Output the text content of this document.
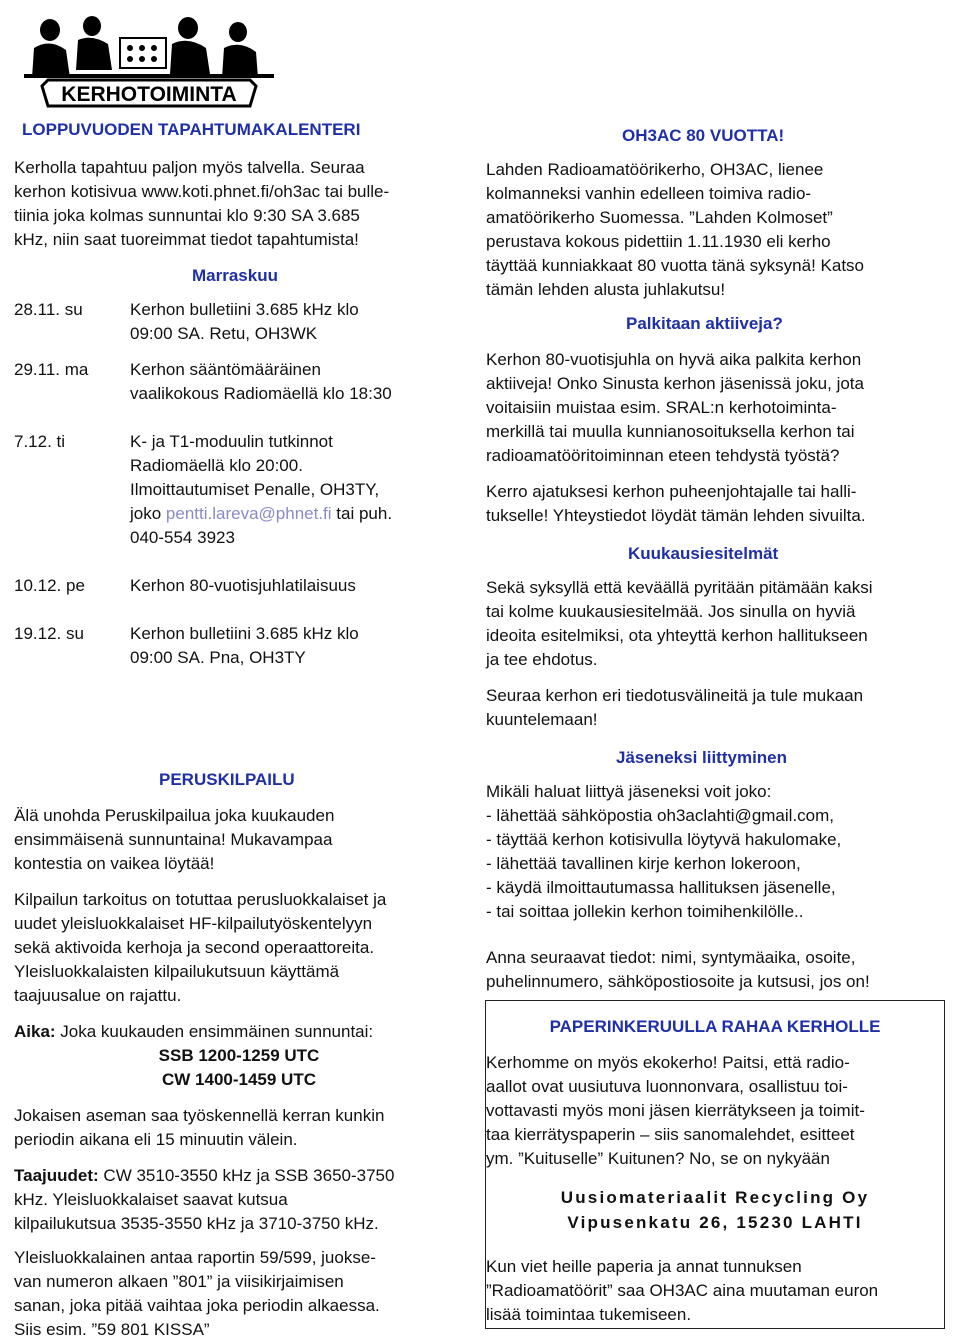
KERHOTOIMINTA
LOPPUVUODEN TAPAHTUMAKALENTERI

Kerholla tapahtuu paljon myös talvella. Seuraa

kerhon kotisivua www.koti.phnet.fi/oh3ac tai bulle-

tiinia joka kolmas sunnuntai klo 9:30 SA 3.685

kHz, niin saat tuoreimmat tiedot tapahtumista!

Marraskuu
28.11. su	Kerhon bulletiini 3.685 kHz klo

09:00 SA. Retu, OH3WK

29.11. ma Kerhon sääntömääräinen

vaalikokous Radiomäellä klo 18:30

7.12. ti	K- ja T1-moduulin tutkinnot

Radiomäellä klo 20:00.

Ilmoittautumiset Penalle, OH3TY,

joko pentti.lareva@phnet.fi tai puh.

040-554 3923

10.12. pe	Kerhon 80-vuotisjuhlatilaisuus

19.12. su	Kerhon bulletiini 3.685 kHz klo

09:00 SA. Pna, OH3TY

PERUSKILPAILU

Älä unohda Peruskilpailua joka kuukauden

ensimmäisenä sunnuntaina! Mukavampaa

kontestia on vaikea löytää!

Kilpailun tarkoitus on totuttaa perusluokkalaiset ja

uudet yleisluokkalaiset HF-kilpailutyöskentelyyn

sekä aktivoida kerhoja ja second operaattoreita.

Yleisluokkalaisten kilpailukutsuun käyttämä

taajuusalue on rajattu.

Aika: Joka kuukauden ensimmäinen sunnuntai:

SSB 1200-1259 UTC

CW 1400-1459 UTC

Jokaisen aseman saa työskennellä kerran kunkin

periodin aikana eli 15 minuutin välein.

Taajuudet: CW 3510-3550 kHz ja SSB 3650-3750

kHz. Yleisluokkalaiset saavat kutsua

kilpailukutsua 3535-3550 kHz ja 3710-3750 kHz.

Yleisluokkalainen antaa raportin 59/599, juokse-

van numeron alkaen ”801” ja viisikirjaimisen

sanan, joka pitää vaihtaa joka periodin alkaessa.

Siis esim. ”59 801 KISSA”

OH3AC 80 VUOTTA!

Lahden Radioamatöörikerho, OH3AC, lienee

kolmanneksi vanhin edelleen toimiva radio-

amatöörikerho Suomessa. ”Lahden Kolmoset”

perustava kokous pidettiin 1.11.1930 eli kerho

täyttää kunniakkaat 80 vuotta tänä syksynä! Katso

tämän lehden alusta juhlakutsu!

Palkitaan aktiiveja?

Kerhon 80-vuotisjuhla on hyvä aika palkita kerhon

aktiiveja! Onko Sinusta kerhon jäsenissä joku, jota

voitaisiin muistaa esim. SRAL:n kerhotoiminta-

merkillä tai muulla kunnianosoituksella kerhon tai

radioamatööritoiminnan eteen tehdystä työstä?

Kerro ajatuksesi kerhon puheenjohtajalle tai halli-

tukselle! Yhteystiedot löydät tämän lehden sivuilta.

Kuukausiesitelmät

Sekä syksyllä että keväällä pyritään pitämään kaksi

tai kolme kuukausiesitelmää. Jos sinulla on hyviä

ideoita esitelmiksi, ota yhteyttä kerhon hallitukseen

ja tee ehdotus.

Seuraa kerhon eri tiedotusvälineitä ja tule mukaan

kuuntelemaan!

Jäseneksi liittyminen

Mikäli haluat liittyä jäseneksi voit joko:

- lähettää sähköpostia oh3aclahti@gmail.com,

- täyttää kerhon kotisivulla löytyvä hakulomake,

- lähettää tavallinen kirje kerhon lokeroon,

- käydä ilmoittautumassa hallituksen jäsenelle,

- tai soittaa jollekin kerhon toimihenkilölle..

Anna seuraavat tiedot: nimi, syntymäaika, osoite,

puhelinnumero, sähköpostiosoite ja kutsusi, jos on!

PAPERINKERUULLA RAHAA KERHOLLE

Kerhomme on myös ekokerho! Paitsi, että radio-

aallot ovat uusiutuva luonnonvara, osallistuu toi-

vottavasti myös moni jäsen kierrätykseen ja toimit-

taa kierrätyspaperin – siis sanomalehdet, esitteet

ym. ”Kuituselle” Kuitunen? No, se on nykyään

Uusiomateriaalit Recycling Oy
Vipusenkatu 26, 15230 LAHTI

Kun viet heille paperia ja annat tunnuksen

”Radioamatöörit” saa OH3AC aina muutaman euron

lisää toimintaa tukemiseen.
